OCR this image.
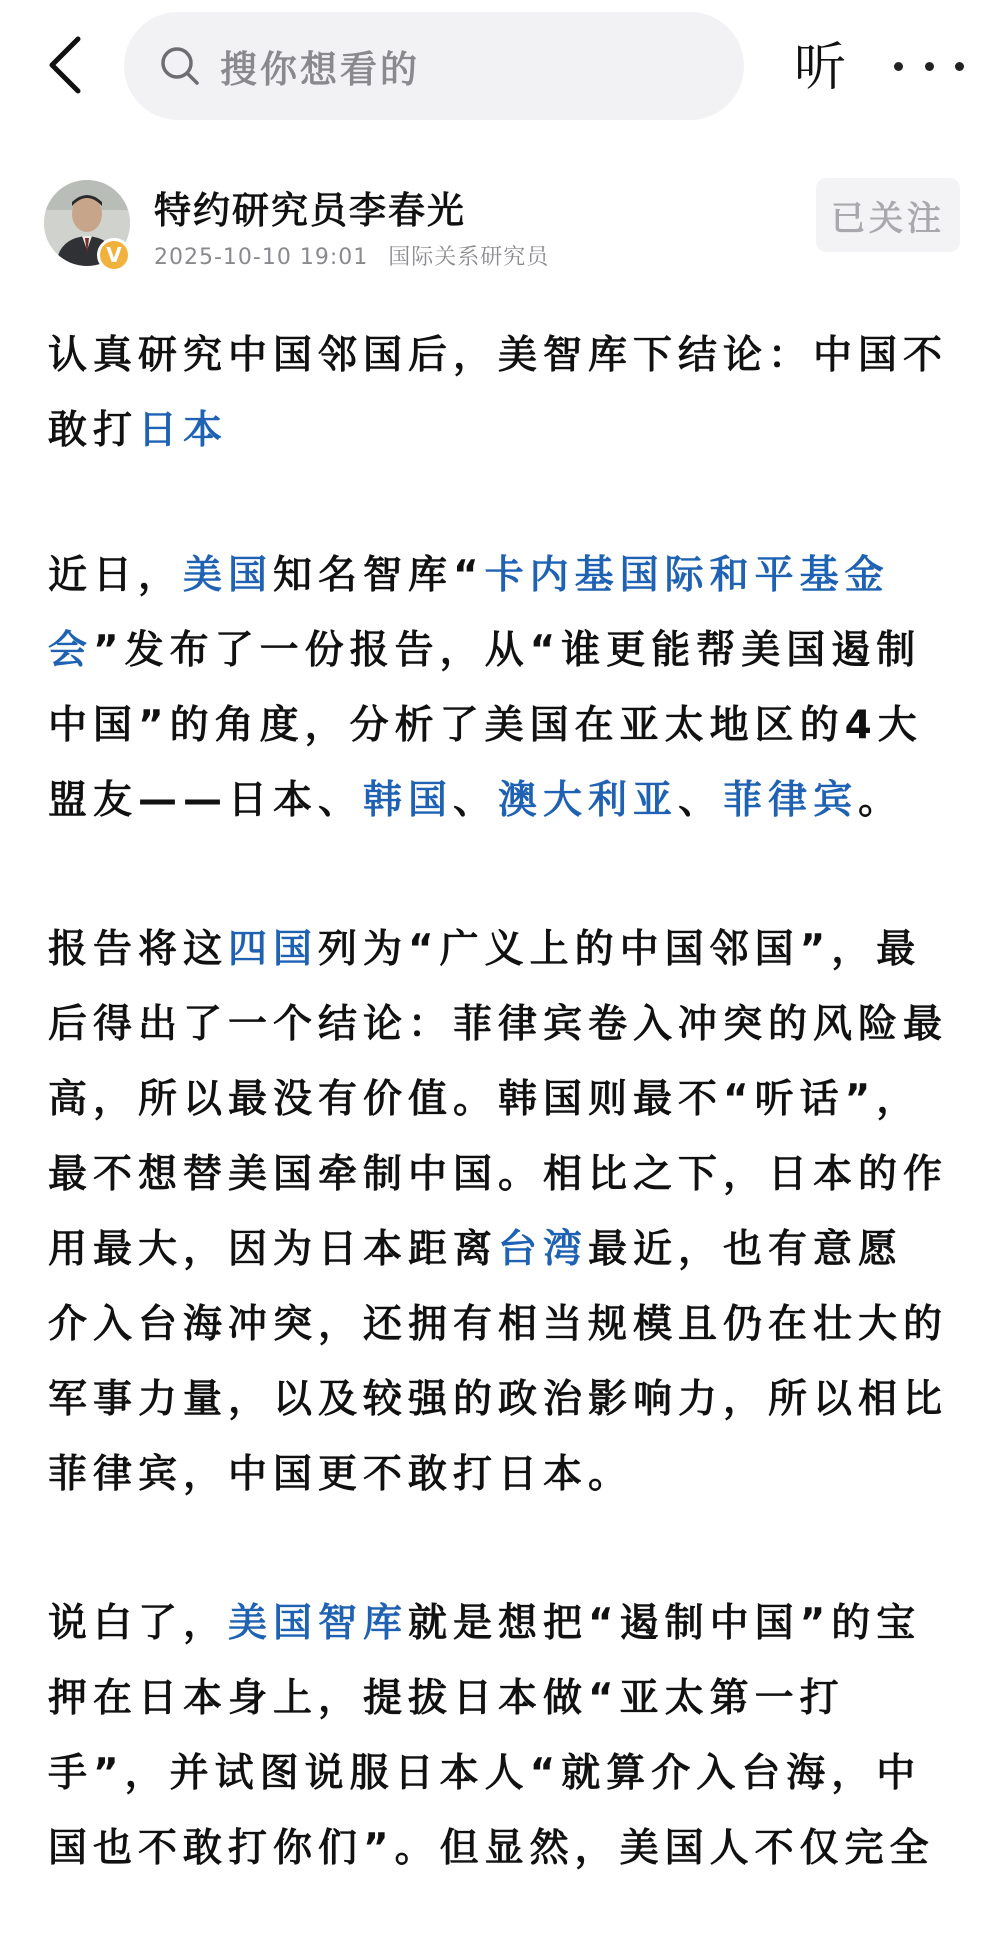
搜你想看的	听
V
特约研究员李春光
2025-10-10 19:01 国际关系研究员
已关注

认真研究中国邻国后，美智库下结论：中国不敢打日本

近日，美国知名智库“卡内基国际和平基金会”发布了一份报告，从“谁更能帮美国遏制中国”的角度，分析了美国在亚太地区的4大盟友——日本、韩国、澳大利亚、菲律宾。

报告将这四国列为“广义上的中国邻国”，最后得出了一个结论：菲律宾卷入冲突的风险最高，所以最没有价值。韩国则最不“听话”，最不想替美国牵制中国。相比之下，日本的作用最大，因为日本距离台湾最近，也有意愿介入台海冲突，还拥有相当规模且仍在壮大的军事力量，以及较强的政治影响力，所以相比菲律宾，中国更不敢打日本。

说白了，美国智库就是想把“遏制中国”的宝押在日本身上，提拔日本做“亚太第一打手”，并试图说服日本人“就算介入台海，中国也不敢打你们”。但显然，美国人不仅完全
